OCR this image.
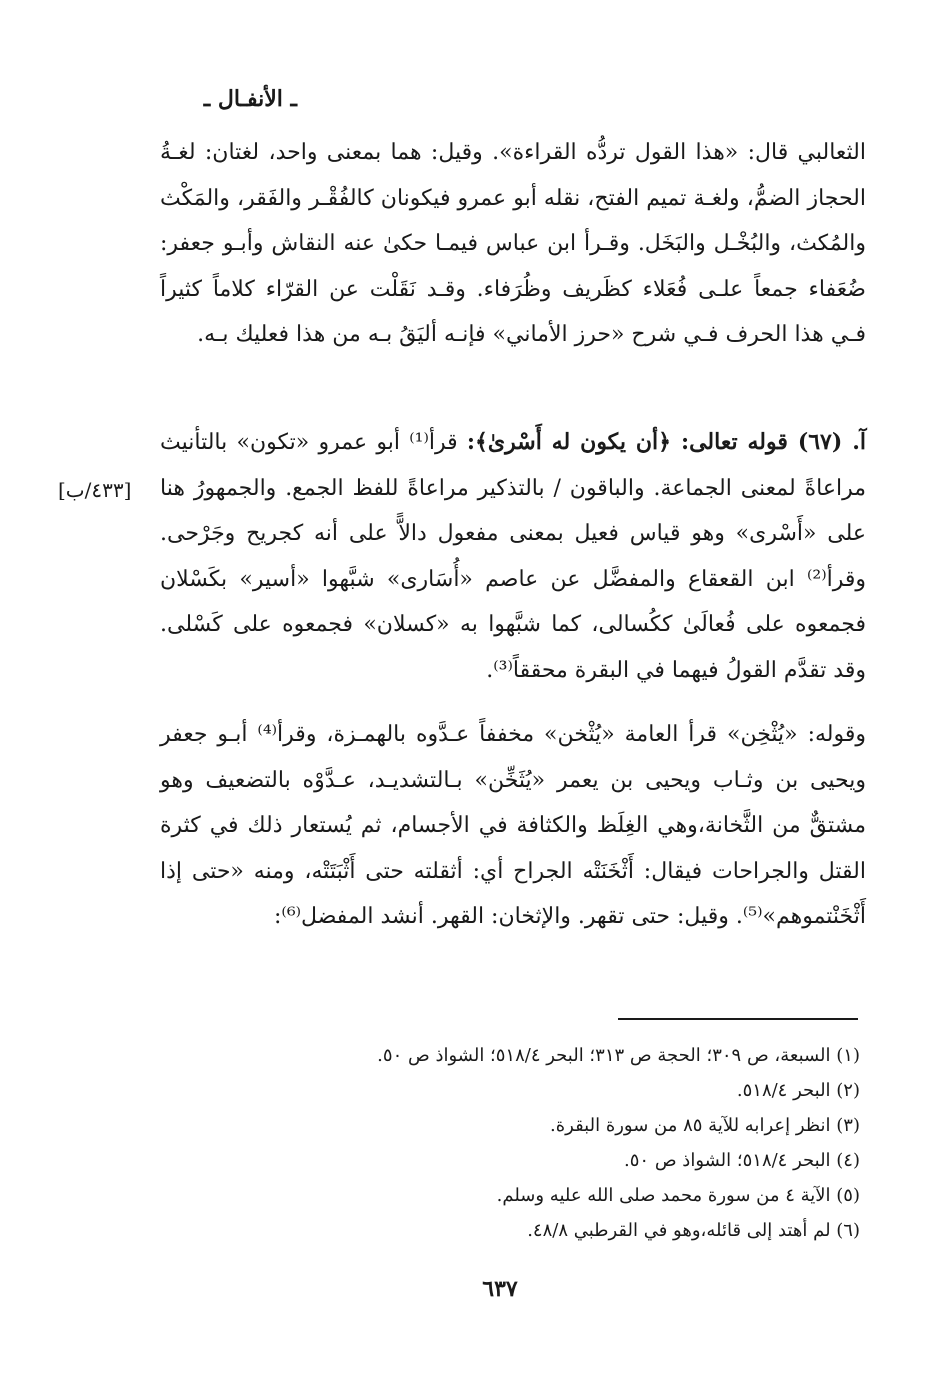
ـ الأنفـال ـ
الثعالبي قال: «هذا القول تردُّه القراءة». وقيل: هما بمعنى واحد، لغتان: لغـةُ الحجاز الضمُّ، ولغـة تميم الفتح، نقله أبو عمرو فيكونان كالفُقْـر والفَقر، والمَكْث والمُكث، والبُخْـل والبَخَل. وقـرأ ابن عباس فيمـا حكىٰ عنه النقاش وأبـو جعفر: ضُعَفاء جمعاً علـى فُعَلاء كظَريف وظُرَفاء. وقـد نَقَلْت عن القرّاء كلاماً كثيراً فـي هذا الحرف فـي شرح «حرز الأماني» فإنـه أليَقُ بـه من هذا فعليك بـه.
آ. (٦٧) قوله تعالى: ﴿أن يكون له أَسْرىٰ﴾: قرأ⁽¹⁾ أبو عمرو «تكون» بالتأنيث مراعاةً لمعنى الجماعة. والباقون / بالتذكير مراعاةً للفظ الجمع. والجمهورُ هنا على «أَسْرى» وهو قياس فعيل بمعنى مفعول دالاًّ على أنه كجريح وجَرْحى. وقرأ⁽²⁾ ابن القعقاع والمفضَّل عن عاصم «أُسَارى» شبَّهوا «أسير» بكَسْلان فجمعوه على فُعالَىٰ ككُسالى، كما شبَّهوا به «كسلان» فجمعوه على كَسْلى. وقد تقدَّم القولُ فيهما في البقرة محققاً⁽³⁾.
[٤٣٣/ب]
وقوله: «يُثْخِن» قرأ العامة «يُثْخن» مخففاً عـدَّوه بالهمـزة، وقرأ⁽⁴⁾ أبـو جعفر ويحيى بن وثـاب ويحيى بن يعمر «يُثَخِّن» بـالتشديـد، عـدَّوْه بالتضعيف وهو مشتقٌّ من الثَّخانة،وهي الغِلَظ والكثافة في الأجسام، ثم يُستعار ذلك في كثرة القتل والجراحات فيقال: أَثْخَنَتْه الجراح أي: أثقلته حتى أَثْبَتَتْه، ومنه «حتى إذا أَثْخَنْتموهم»⁽⁵⁾. وقيل: حتى تقهر. والإثخان: القهر. أنشد المفضل⁽⁶⁾:
(١) السبعة، ص ٣٠٩؛ الحجة ص ٣١٣؛ البحر ٥١٨/٤؛ الشواذ ص ٥٠.
(٢) البحر ٥١٨/٤.
(٣) انظر إعرابه للآية ٨٥ من سورة البقرة.
(٤) البحر ٥١٨/٤؛ الشواذ ص ٥٠.
(٥) الآية ٤ من سورة محمد صلى الله عليه وسلم.
(٦) لم أهتد إلى قائله،وهو في القرطبي ٤٨/٨.
٦٣٧
